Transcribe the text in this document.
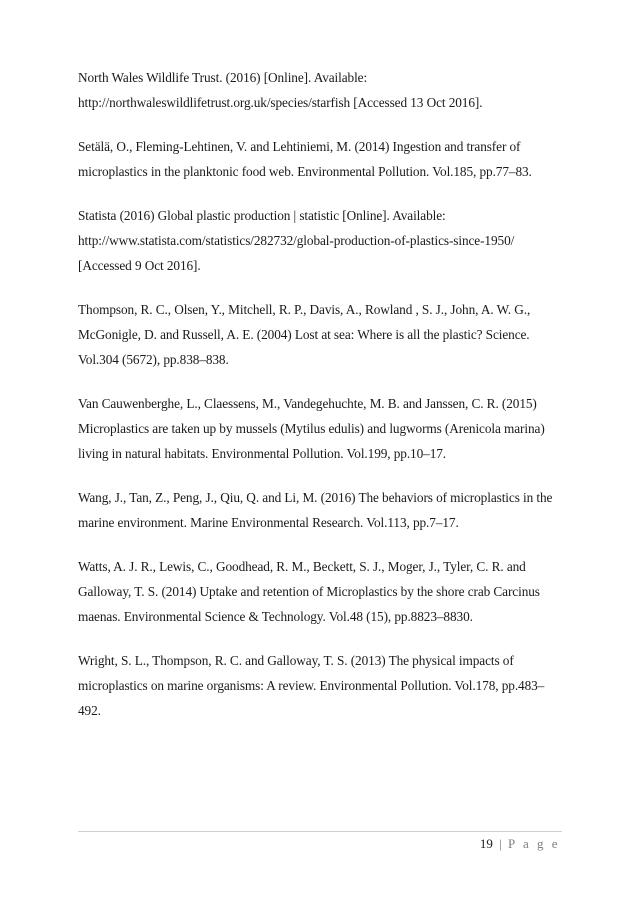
North Wales Wildlife Trust. (2016) [Online]. Available:
http://northwaleswildlifetrust.org.uk/species/starfish [Accessed 13 Oct 2016].
Setälä, O., Fleming-Lehtinen, V. and Lehtiniemi, M. (2014) Ingestion and transfer of
microplastics in the planktonic food web. Environmental Pollution. Vol.185, pp.77–83.
Statista (2016) Global plastic production | statistic [Online]. Available:
http://www.statista.com/statistics/282732/global-production-of-plastics-since-1950/
[Accessed 9 Oct 2016].
Thompson, R. C., Olsen, Y., Mitchell, R. P., Davis, A., Rowland , S. J., John, A. W. G.,
McGonigle, D. and Russell, A. E. (2004) Lost at sea: Where is all the plastic? Science.
Vol.304 (5672), pp.838–838.
Van Cauwenberghe, L., Claessens, M., Vandegehuchte, M. B. and Janssen, C. R. (2015)
Microplastics are taken up by mussels (Mytilus edulis) and lugworms (Arenicola marina)
living in natural habitats. Environmental Pollution. Vol.199, pp.10–17.
Wang, J., Tan, Z., Peng, J., Qiu, Q. and Li, M. (2016) The behaviors of microplastics in the
marine environment. Marine Environmental Research. Vol.113, pp.7–17.
Watts, A. J. R., Lewis, C., Goodhead, R. M., Beckett, S. J., Moger, J., Tyler, C. R. and
Galloway, T. S. (2014) Uptake and retention of Microplastics by the shore crab Carcinus
maenas. Environmental Science & Technology. Vol.48 (15), pp.8823–8830.
Wright, S. L., Thompson, R. C. and Galloway, T. S. (2013) The physical impacts of
microplastics on marine organisms: A review. Environmental Pollution. Vol.178, pp.483–
492.
19 | P a g e
